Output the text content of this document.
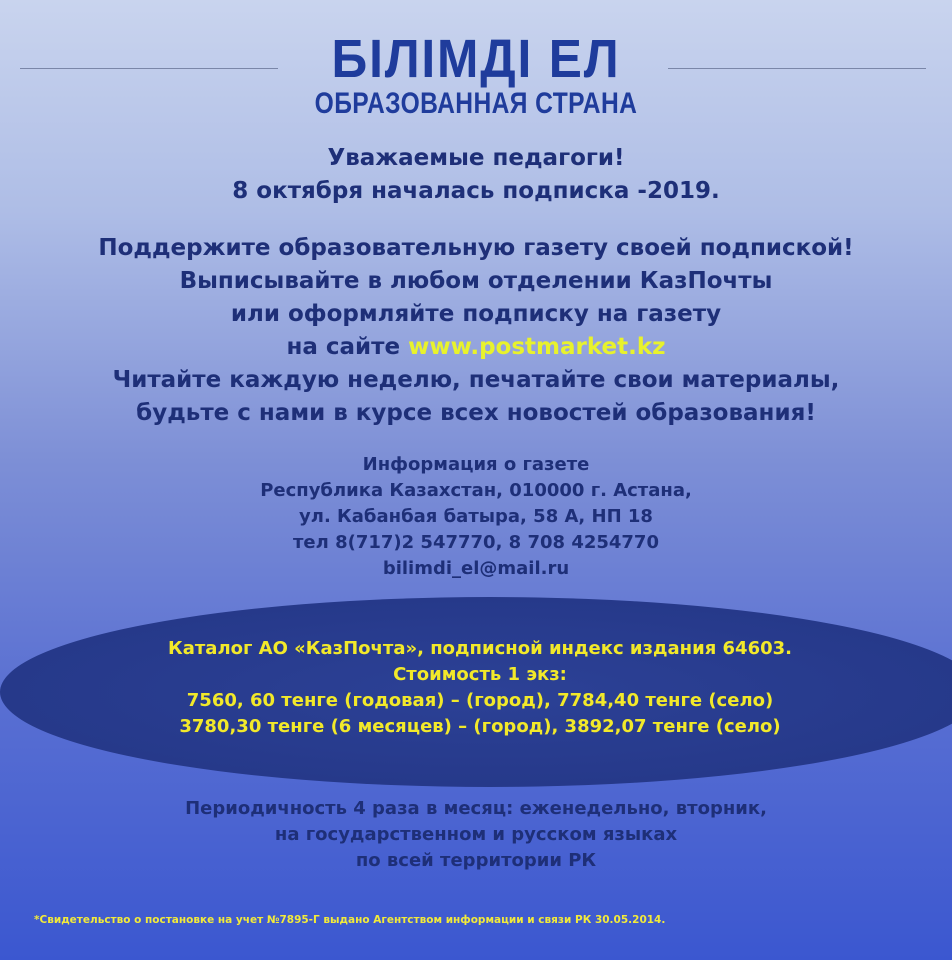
БІЛІМДІ ЕЛ
ОБРАЗОВАННАЯ СТРАНА
Уважаемые педагоги!
8 октября началась подписка -2019.
Поддержите образовательную газету своей подпиской!
Выписывайте в любом отделении КазПочты
или оформляйте подписку на газету
на сайте www.postmarket.kz
Читайте каждую неделю, печатайте свои материалы,
будьте с нами в курсе всех новостей образования!
Информация о газете
Республика Казахстан, 010000 г. Астана,
ул. Кабанбая батыра, 58 А, НП 18
тел 8(717)2 547770, 8 708 4254770
bilimdi_el@mail.ru
Каталог АО «КазПочта», подписной индекс издания 64603.
Стоимость 1 экз:
7560, 60 тенге (годовая) – (город), 7784,40 тенге (село)
3780,30 тенге (6 месяцев) – (город), 3892,07 тенге (село)
Периодичность 4 раза в месяц: еженедельно, вторник,
на государственном и русском языках
по всей территории РК
*Свидетельство о постановке на учет №7895-Г выдано Агентством информации и связи РК 30.05.2014.
